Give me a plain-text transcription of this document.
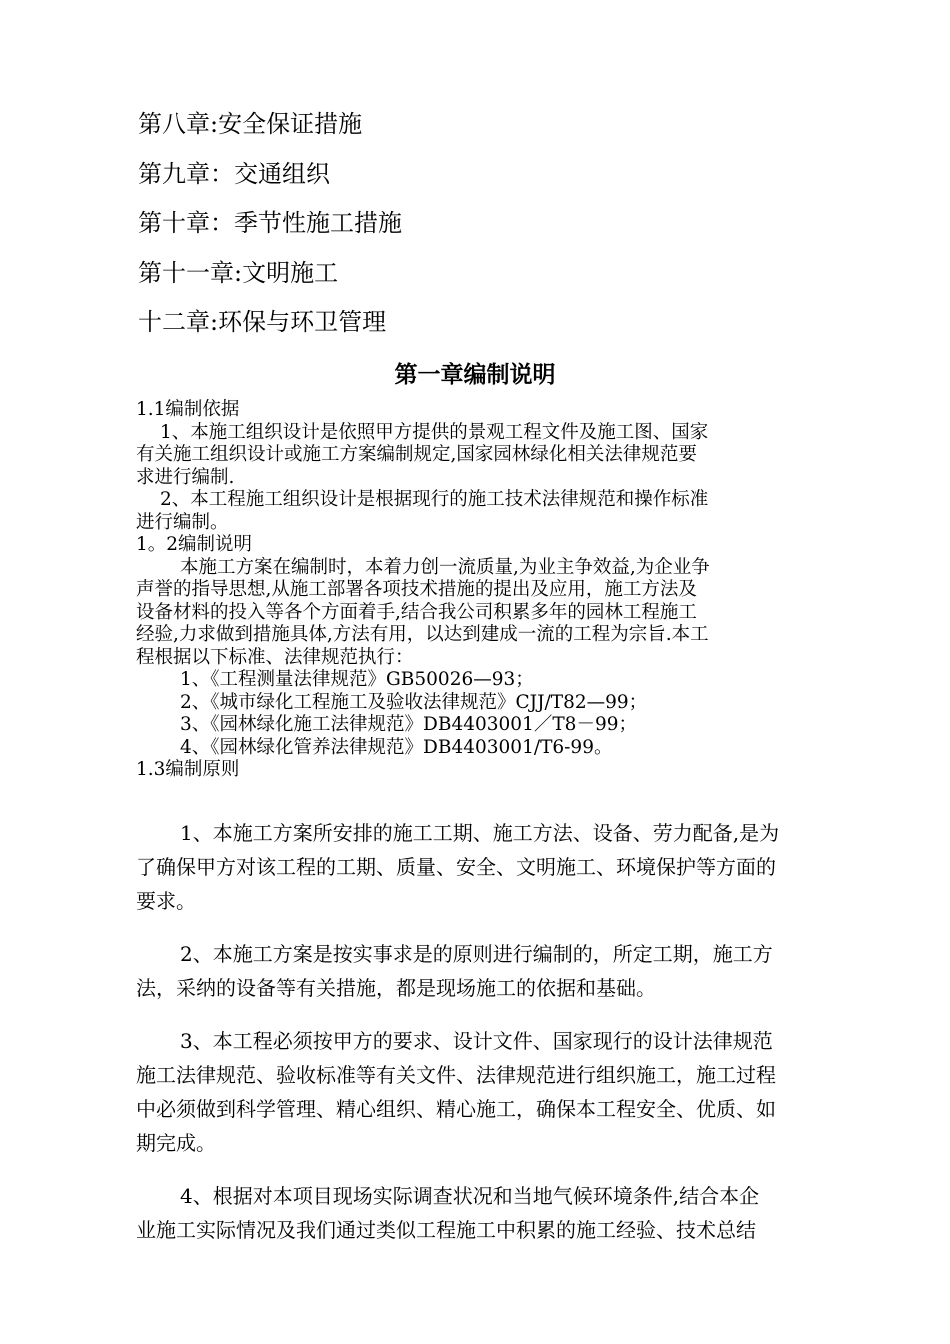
第八章:安全保证措施
第九章：交通组织
第十章：季节性施工措施
第十一章:文明施工
十二章:环保与环卫管理
第一章编制说明

1.1编制依据

1、本施工组织设计是依照甲方提供的景观工程文件及施工图、国家

有关施工组织设计或施工方案编制规定,国家园林绿化相关法律规范要

求进行编制.

2、本工程施工组织设计是根据现行的施工技术法律规范和操作标准

进行编制。

1。2编制说明

本施工方案在编制时，本着力创一流质量,为业主争效益,为企业争

声誉的指导思想,从施工部署各项技术措施的提出及应用，施工方法及

设备材料的投入等各个方面着手,结合我公司积累多年的园林工程施工

经验,力求做到措施具体,方法有用，以达到建成一流的工程为宗旨.本工

程根据以下标准、法律规范执行：

1、《工程测量法律规范》GB50026—93；

2、《城市绿化工程施工及验收法律规范》CJJ/T82—99；

3、《园林绿化施工法律规范》DB4403001／T8－99；

4、《园林绿化管养法律规范》DB4403001/T6-99。

1.3编制原则

1、本施工方案所安排的施工工期、施工方法、设备、劳力配备,是为

了确保甲方对该工程的工期、质量、安全、文明施工、环境保护等方面的

要求。

2、本施工方案是按实事求是的原则进行编制的，所定工期，施工方

法，采纳的设备等有关措施，都是现场施工的依据和基础。

3、本工程必须按甲方的要求、设计文件、国家现行的设计法律规范

施工法律规范、验收标准等有关文件、法律规范进行组织施工，施工过程

中必须做到科学管理、精心组织、精心施工，确保本工程安全、优质、如

期完成。

4、根据对本项目现场实际调查状况和当地气候环境条件,结合本企

业施工实际情况及我们通过类似工程施工中积累的施工经验、技术总结
